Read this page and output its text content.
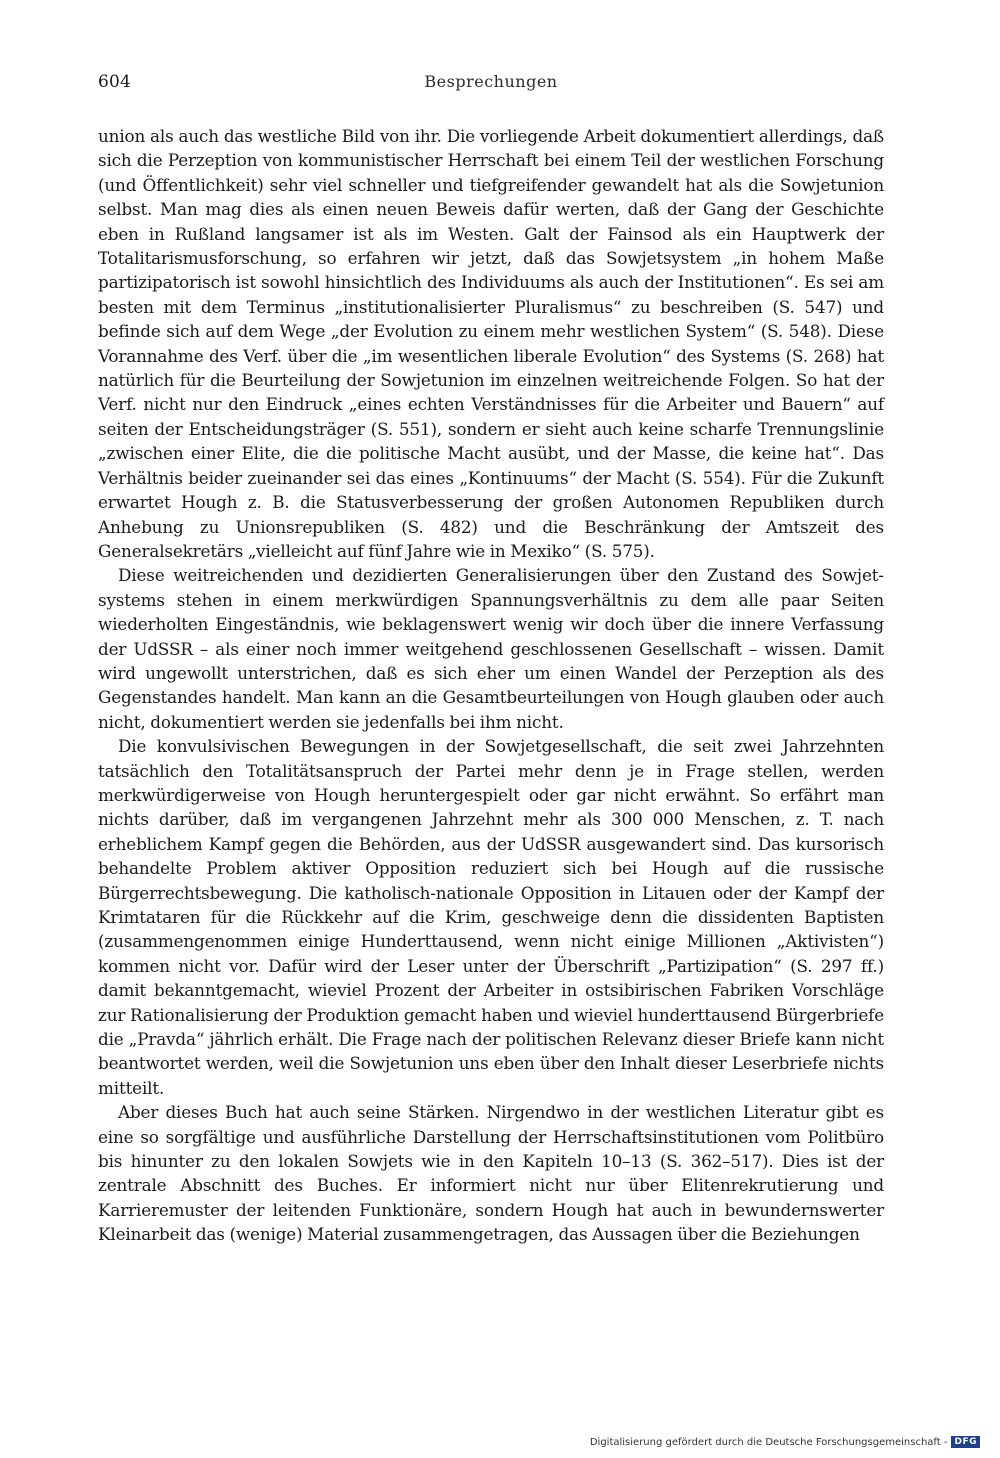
604	Besprechungen

union als auch das westliche Bild von ihr. Die vorliegende Arbeit dokumentiert allerdings, daß sich die Perzeption von kommunistischer Herrschaft bei einem Teil der westlichen Forschung (und Öffentlichkeit) sehr viel schneller und tiefgreifender gewandelt hat als die Sowjetunion selbst. Man mag dies als einen neuen Beweis dafür werten, daß der Gang der Geschichte eben in Rußland langsamer ist als im Westen. Galt der Fainsod als ein Hauptwerk der Totalitarismusforschung, so erfahren wir jetzt, daß das Sowjetsystem „in hohem Maße partizipatorisch ist sowohl hinsichtlich des Individuums als auch der Institutionen“. Es sei am besten mit dem Terminus „institutionalisierter Pluralismus“ zu beschreiben (S. 547) und befinde sich auf dem Wege „der Evolution zu einem mehr westlichen System“ (S. 548). Diese Vorannahme des Verf. über die „im wesentlichen liberale Evolution“ des Systems (S. 268) hat natürlich für die Beurteilung der Sowjetunion im einzelnen weitreichende Folgen. So hat der Verf. nicht nur den Eindruck „eines echten Verständnisses für die Arbeiter und Bauern“ auf seiten der Entscheidungsträger (S. 551), sondern er sieht auch keine scharfe Trennungslinie „zwischen einer Elite, die die politische Macht ausübt, und der Masse, die keine hat“. Das Verhältnis beider zueinander sei das eines „Kontinuums“ der Macht (S. 554). Für die Zukunft erwartet Hough z. B. die Statusverbesserung der großen Autonomen Republiken durch Anhebung zu Unionsrepubliken (S. 482) und die Beschränkung der Amtszeit des Generalsekretärs „vielleicht auf fünf Jahre wie in Mexiko“ (S. 575).

Diese weitreichenden und dezidierten Generalisierungen über den Zustand des Sowjetsystems stehen in einem merkwürdigen Spannungsverhältnis zu dem alle paar Seiten wiederholten Eingeständnis, wie beklagenswert wenig wir doch über die innere Verfassung der UdSSR – als einer noch immer weitgehend geschlossenen Gesellschaft – wissen. Damit wird ungewollt unterstrichen, daß es sich eher um einen Wandel der Perzeption als des Gegenstandes handelt. Man kann an die Gesamtbeurteilungen von Hough glauben oder auch nicht, dokumentiert werden sie jedenfalls bei ihm nicht.

Die konvulsivischen Bewegungen in der Sowjetgesellschaft, die seit zwei Jahrzehnten tatsächlich den Totalitätsanspruch der Partei mehr denn je in Frage stellen, werden merkwürdigerweise von Hough heruntergespielt oder gar nicht erwähnt. So erfährt man nichts darüber, daß im vergangenen Jahrzehnt mehr als 300 000 Menschen, z. T. nach erheblichem Kampf gegen die Behörden, aus der UdSSR ausgewandert sind. Das kursorisch behandelte Problem aktiver Opposition reduziert sich bei Hough auf die russische Bürgerrechtsbewegung. Die katholisch-nationale Opposition in Litauen oder der Kampf der Krimtataren für die Rückkehr auf die Krim, geschweige denn die dissidenten Baptisten (zusammengenommen einige Hunderttausend, wenn nicht einige Millionen „Aktivisten“) kommen nicht vor. Dafür wird der Leser unter der Überschrift „Partizipation“ (S. 297 ff.) damit bekanntgemacht, wieviel Prozent der Arbeiter in ostsibirischen Fabriken Vorschläge zur Rationalisierung der Produktion gemacht haben und wieviel hunderttausend Bürgerbriefe die „Pravda“ jährlich erhält. Die Frage nach der politischen Relevanz dieser Briefe kann nicht beantwortet werden, weil die Sowjetunion uns eben über den Inhalt dieser Leserbriefe nichts mitteilt.

Aber dieses Buch hat auch seine Stärken. Nirgendwo in der westlichen Literatur gibt es eine so sorgfältige und ausführliche Darstellung der Herrschaftsinstitutionen vom Politbüro bis hinunter zu den lokalen Sowjets wie in den Kapiteln 10–13 (S. 362–517). Dies ist der zentrale Abschnitt des Buches. Er informiert nicht nur über Elitenrekrutierung und Karrieremuster der leitenden Funktionäre, sondern Hough hat auch in bewundernswerter Kleinarbeit das (wenige) Material zusammengetragen, das Aussagen über die Beziehungen

Digitalisierung gefördert durch die Deutsche Forschungsgemeinschaft - DFG
